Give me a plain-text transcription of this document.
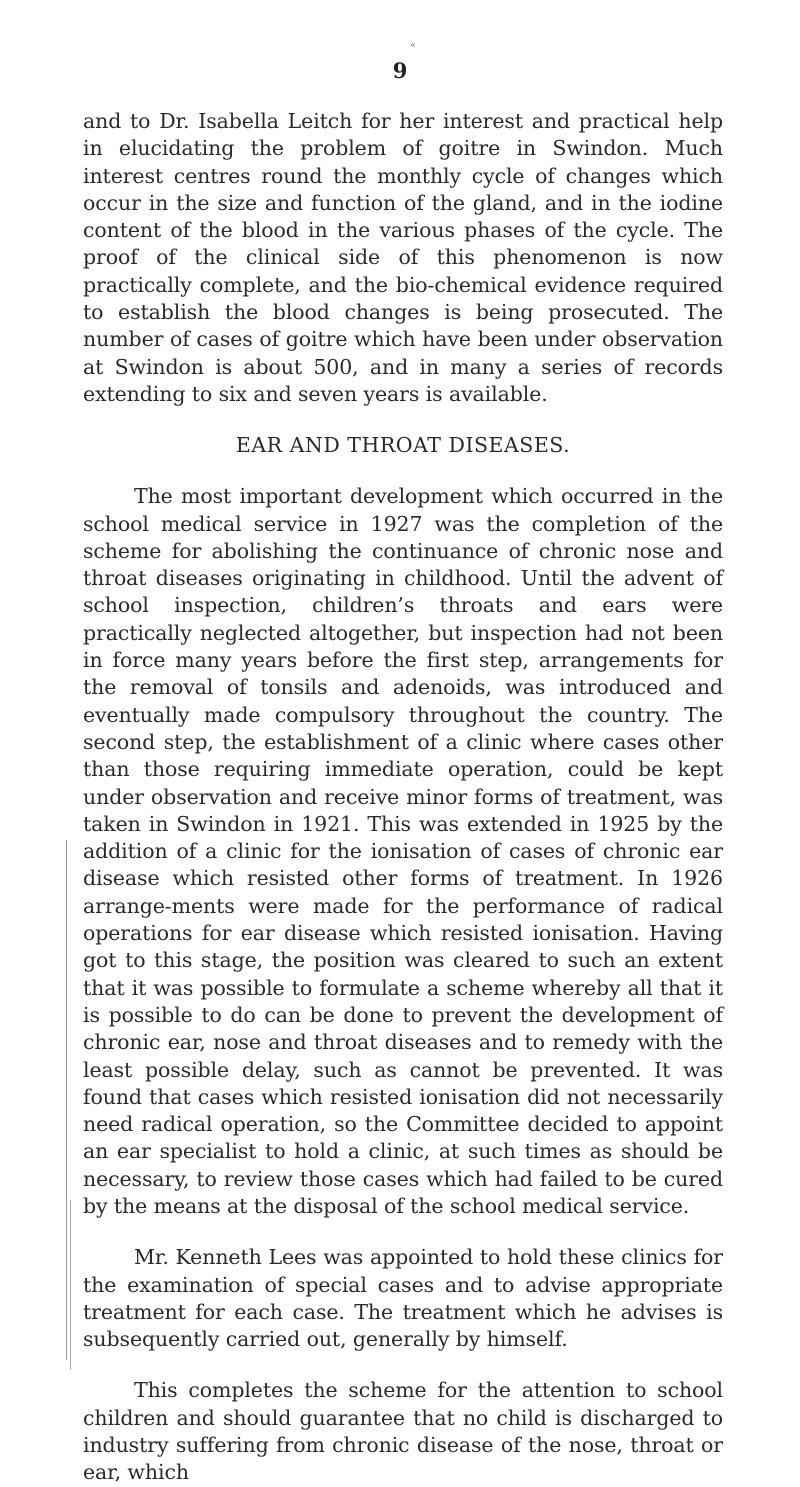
«
9

and to Dr. Isabella Leitch for her interest and practical help in elucidating the problem of goitre in Swindon. Much interest centres round the monthly cycle of changes which occur in the size and function of the gland, and in the iodine content of the blood in the various phases of the cycle. The proof of the clinical side of this phenomenon is now practically complete, and the bio-chemical evidence required to establish the blood changes is being prosecuted. The number of cases of goitre which have been under observation at Swindon is about 500, and in many a series of records extending to six and seven years is available.

EAR AND THROAT DISEASES.

The most important development which occurred in the school medical service in 1927 was the completion of the scheme for abolishing the continuance of chronic nose and throat diseases originating in childhood. Until the advent of school inspection, children’s throats and ears were practically neglected altogether, but inspection had not been in force many years before the first step, arrangements for the removal of tonsils and adenoids, was introduced and eventually made compulsory throughout the country. The second step, the establishment of a clinic where cases other than those requiring immediate operation, could be kept under observation and receive minor forms of treatment, was taken in Swindon in 1921. This was extended in 1925 by the addition of a clinic for the ionisation of cases of chronic ear disease which resisted other forms of treatment. In 1926 arrange-ments were made for the performance of radical operations for ear disease which resisted ionisation. Having got to this stage, the position was cleared to such an extent that it was possible to formulate a scheme whereby all that it is possible to do can be done to prevent the development of chronic ear, nose and throat diseases and to remedy with the least possible delay, such as cannot be prevented. It was found that cases which resisted ionisation did not necessarily need radical operation, so the Committee decided to appoint an ear specialist to hold a clinic, at such times as should be necessary, to review those cases which had failed to be cured by the means at the disposal of the school medical service.

Mr. Kenneth Lees was appointed to hold these clinics for the examination of special cases and to advise appropriate treatment for each case. The treatment which he advises is subsequently carried out, generally by himself.

This completes the scheme for the attention to school children and should guarantee that no child is discharged to industry suffering from chronic disease of the nose, throat or ear, which
